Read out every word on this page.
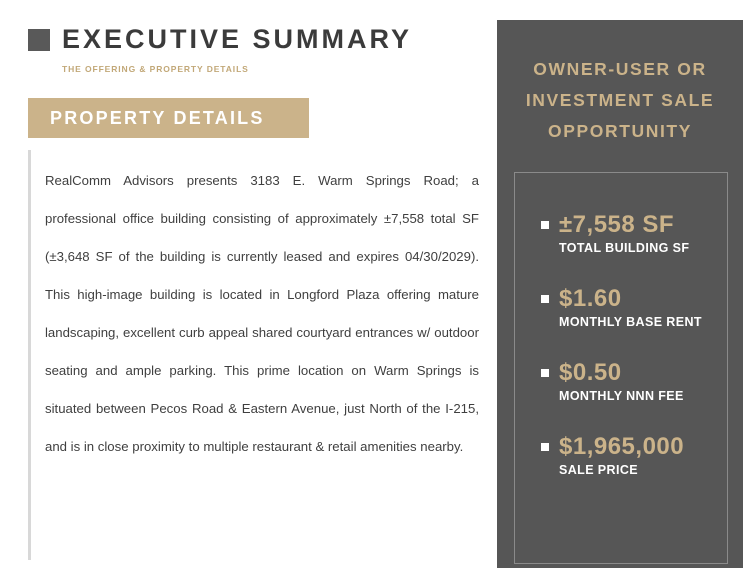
EXECUTIVE SUMMARY
THE OFFERING & PROPERTY DETAILS
PROPERTY DETAILS
RealComm Advisors presents 3183 E. Warm Springs Road; a professional office building consisting of approximately ±7,558 total SF (±3,648 SF of the building is currently leased and expires 04/30/2029). This high-image building is located in Longford Plaza offering mature landscaping, excellent curb appeal shared courtyard entrances w/ outdoor seating and ample parking. This prime location on Warm Springs is situated between Pecos Road & Eastern Avenue, just North of the I-215, and is in close proximity to multiple restaurant & retail amenities nearby.
OWNER-USER OR
INVESTMENT SALE
OPPORTUNITY
±7,558 SF
TOTAL BUILDING SF
$1.60
MONTHLY BASE RENT
$0.50
MONTHLY NNN FEE
$1,965,000
SALE PRICE
